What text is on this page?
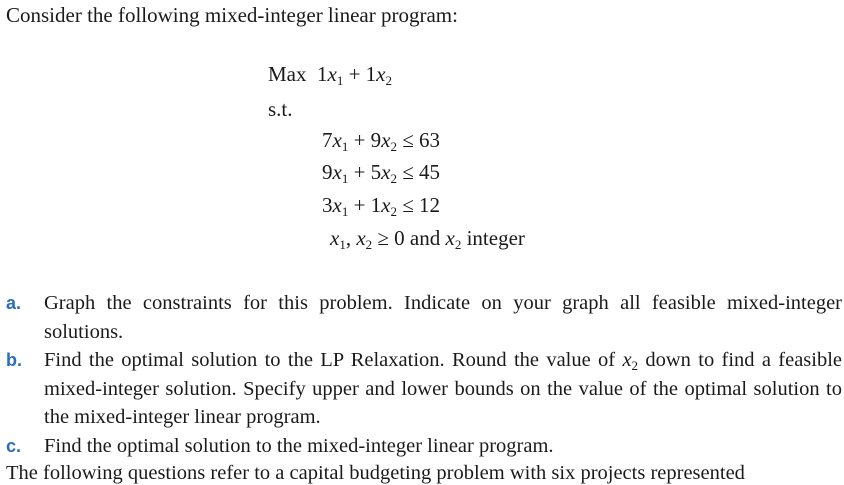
Consider the following mixed-integer linear program:
Max $1x_1 + 1x_2$
s.t.
$7x_1 + 9x_2 \le 63$
$9x_1 + 5x_2 \le 45$
$3x_1 + 1x_2 \le 12$
$x_1$, $x_2 \ge 0$ and $x_2$ integer
a. Graph the constraints for this problem. Indicate on your graph all feasible mixed-integer solutions.
b. Find the optimal solution to the LP Relaxation. Round the value of $x_2$ down to find a feasible mixed-integer solution. Specify upper and lower bounds on the value of the optimal solution to the mixed-integer linear program.
c. Find the optimal solution to the mixed-integer linear program.
The following questions refer to a capital budgeting problem with six projects represented
